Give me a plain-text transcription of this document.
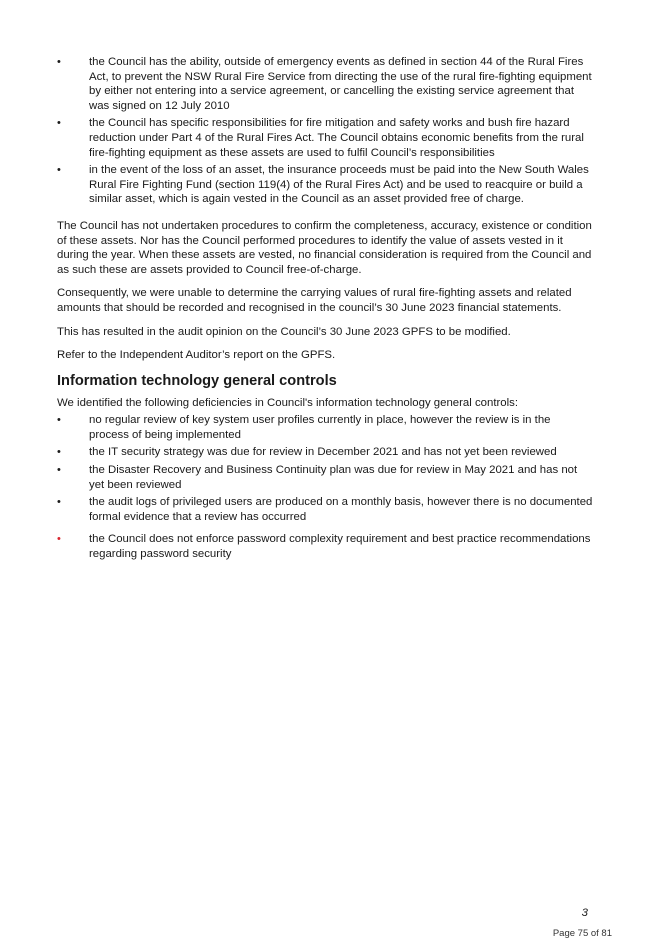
•	the Council has the ability, outside of emergency events as defined in section 44 of the Rural Fires Act, to prevent the NSW Rural Fire Service from directing the use of the rural fire-fighting equipment by either not entering into a service agreement, or cancelling the existing service agreement that was signed on 12 July 2010
•	the Council has specific responsibilities for fire mitigation and safety works and bush fire hazard reduction under Part 4 of the Rural Fires Act. The Council obtains economic benefits from the rural fire-fighting equipment as these assets are used to fulfil Council’s responsibilities
•	in the event of the loss of an asset, the insurance proceeds must be paid into the New South Wales Rural Fire Fighting Fund (section 119(4) of the Rural Fires Act) and be used to reacquire or build a similar asset, which is again vested in the Council as an asset provided free of charge.

The Council has not undertaken procedures to confirm the completeness, accuracy, existence or condition of these assets. Nor has the Council performed procedures to identify the value of assets vested in it during the year. When these assets are vested, no financial consideration is required from the Council and as such these are assets provided to Council free-of-charge.

Consequently, we were unable to determine the carrying values of rural fire-fighting assets and related amounts that should be recorded and recognised in the council’s 30 June 2023 financial statements.

This has resulted in the audit opinion on the Council’s 30 June 2023 GPFS to be modified.

Refer to the Independent Auditor’s report on the GPFS.

Information technology general controls

We identified the following deficiencies in Council's information technology general controls:

•	no regular review of key system user profiles currently in place, however the review is in the process of being implemented
•	the IT security strategy was due for review in December 2021 and has not yet been reviewed
•	the Disaster Recovery and Business Continuity plan was due for review in May 2021 and has not yet been reviewed
•	the audit logs of privileged users are produced on a monthly basis, however there is no documented formal evidence that a review has occurred
•	the Council does not enforce password complexity requirement and best practice recommendations regarding password security
3
Page 75 of 81
